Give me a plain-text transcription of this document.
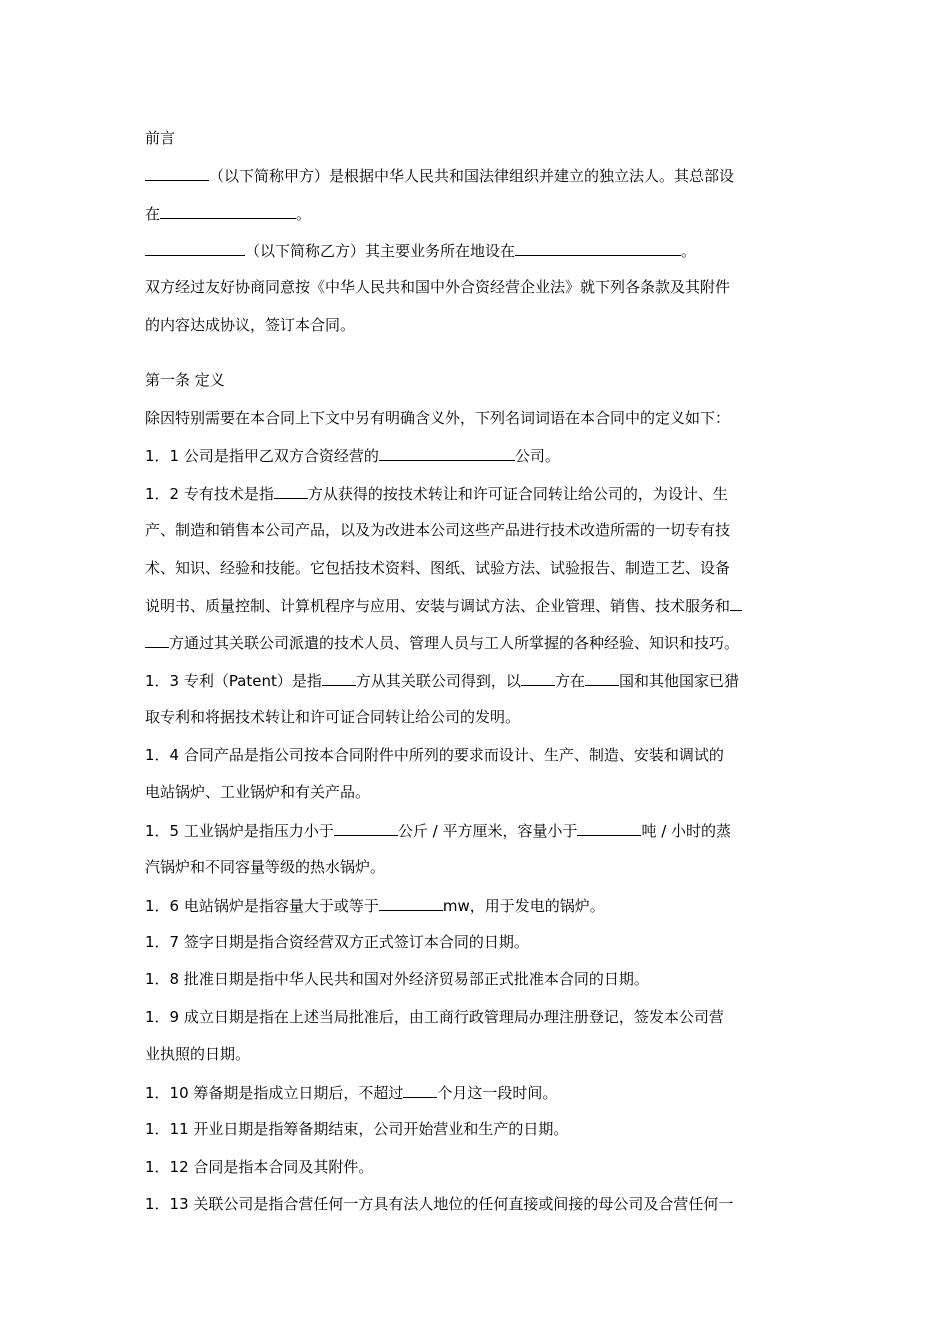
前言
（以下简称甲方）是根据中华人民共和国法律组织并建立的独立法人。其总部设
在	。
（以下简称乙方）其主要业务所在地设在	。
双方经过友好协商同意按《中华人民共和国中外合资经营企业法》就下列各条款及其附件
的内容达成协议，签订本合同。
第一条 定义
除因特别需要在本合同上下文中另有明确含义外，下列名词词语在本合同中的定义如下：
1．1 公司是指甲乙双方合资经营的	公司。
1．2 专有技术是指 方从获得的按技术转让和许可证合同转让给公司的，为设计、生
产、制造和销售本公司产品，以及为改进本公司这些产品进行技术改造所需的一切专有技
术、知识、经验和技能。它包括技术资料、图纸、试验方法、试验报告、制造工艺、设备
说明书、质量控制、计算机程序与应用、安装与调试方法、企业管理、销售、技术服务和
方通过其关联公司派遣的技术人员、管理人员与工人所掌握的各种经验、知识和技巧。
1．3 专利（Patent）是指 方从其关联公司得到，以 方在 国和其他国家已猎
取专利和将据技术转让和许可证合同转让给公司的发明。
1．4 合同产品是指公司按本合同附件中所列的要求而设计、生产、制造、安装和调试的
电站锅炉、工业锅炉和有关产品。
1．5 工业锅炉是指压力小于	公斤 / 平方厘米，容量小于	吨 / 小时的蒸
汽锅炉和不同容量等级的热水锅炉。
1．6 电站锅炉是指容量大于或等于	mw，用于发电的锅炉。
1．7 签字日期是指合资经营双方正式签订本合同的日期。
1．8 批准日期是指中华人民共和国对外经济贸易部正式批准本合同的日期。
1．9 成立日期是指在上述当局批准后，由工商行政管理局办理注册登记，签发本公司营
业执照的日期。
1．10 筹备期是指成立日期后，不超过 个月这一段时间。
1．11 开业日期是指筹备期结束，公司开始营业和生产的日期。
1．12 合同是指本合同及其附件。
1．13 关联公司是指合营任何一方具有法人地位的任何直接或间接的母公司及合营任何一
